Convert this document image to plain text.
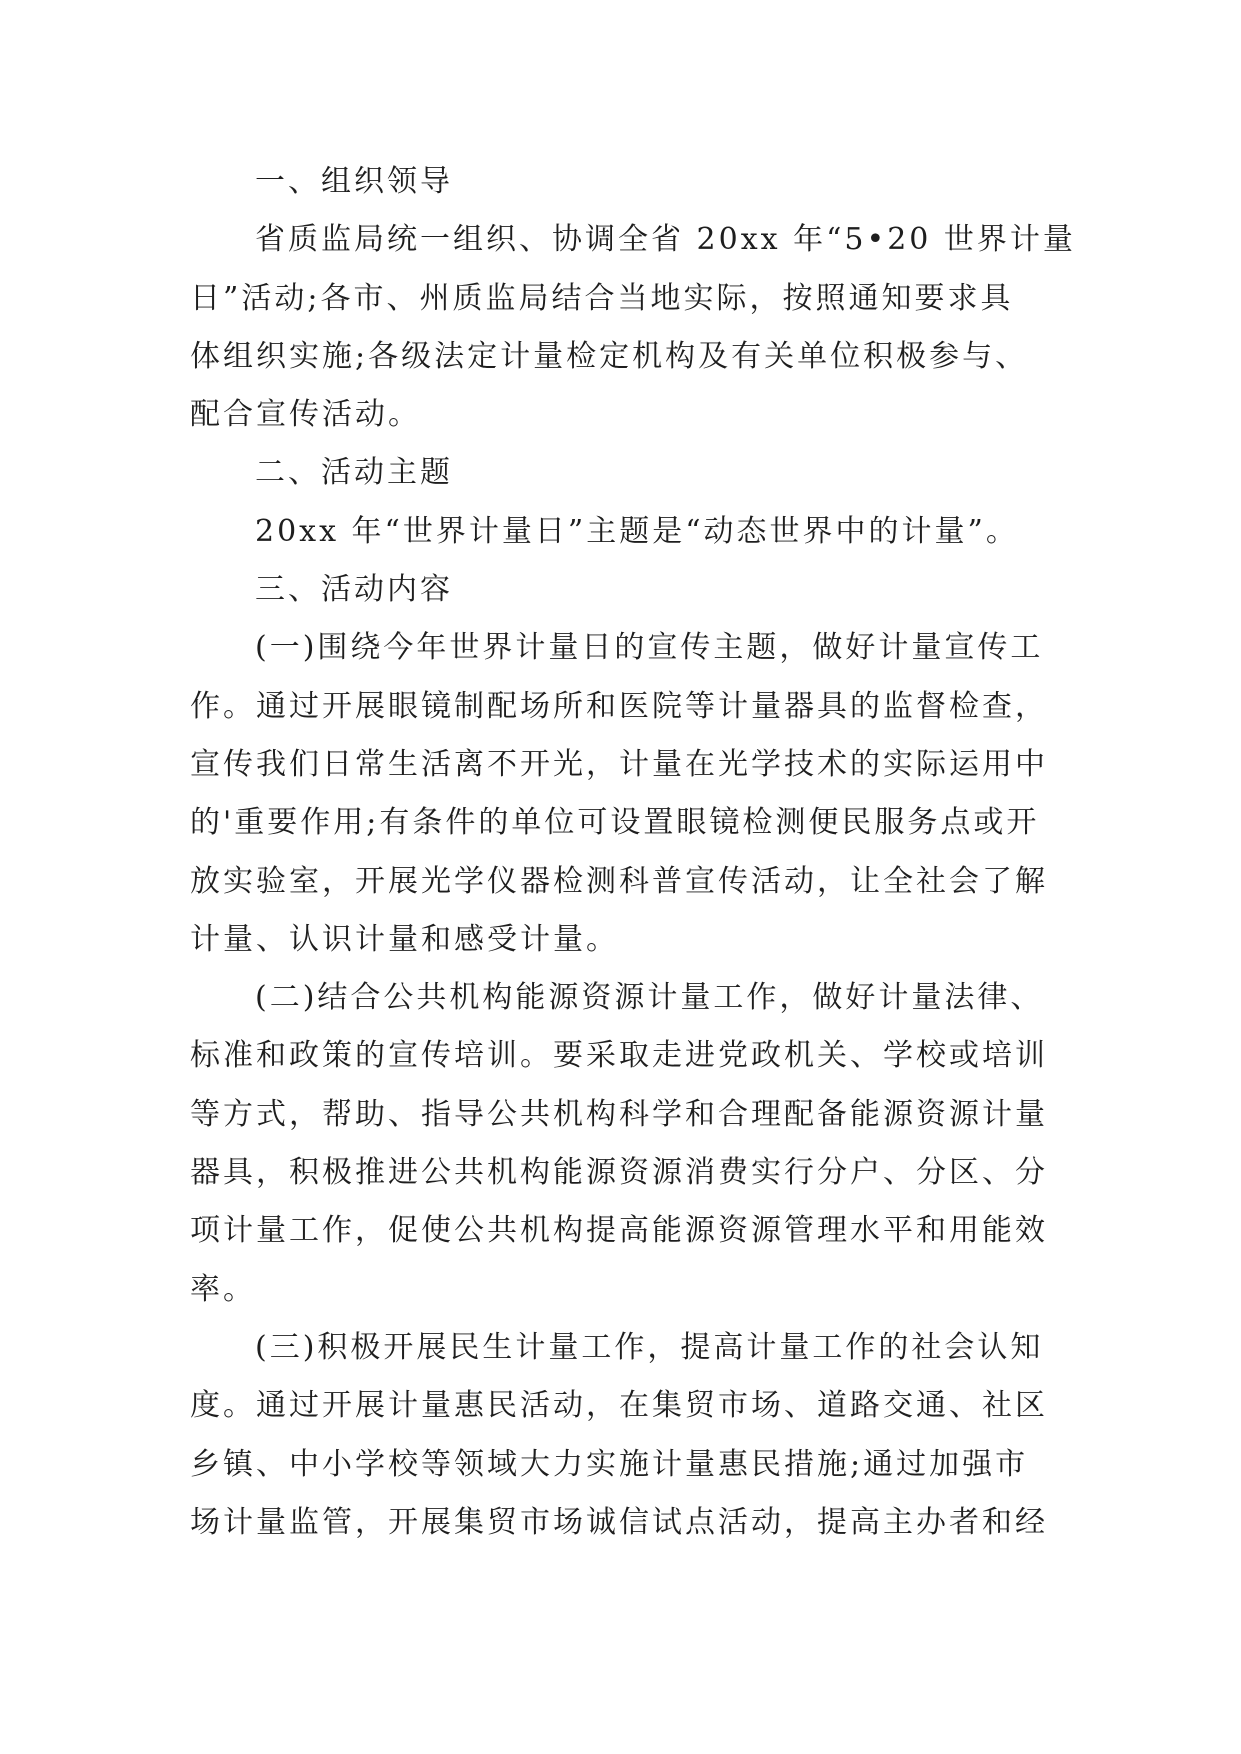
一、组织领导
省质监局统一组织、协调全省 20xx 年“5•20 世界计量
日”活动;各市、州质监局结合当地实际，按照通知要求具
体组织实施;各级法定计量检定机构及有关单位积极参与、
配合宣传活动。
二、活动主题
20xx 年“世界计量日”主题是“动态世界中的计量”。
三、活动内容
(一)围绕今年世界计量日的宣传主题，做好计量宣传工
作。通过开展眼镜制配场所和医院等计量器具的监督检查，
宣传我们日常生活离不开光，计量在光学技术的实际运用中
的'重要作用;有条件的单位可设置眼镜检测便民服务点或开
放实验室，开展光学仪器检测科普宣传活动，让全社会了解
计量、认识计量和感受计量。
(二)结合公共机构能源资源计量工作，做好计量法律、
标准和政策的宣传培训。要采取走进党政机关、学校或培训
等方式，帮助、指导公共机构科学和合理配备能源资源计量
器具，积极推进公共机构能源资源消费实行分户、分区、分
项计量工作，促使公共机构提高能源资源管理水平和用能效
率。
(三)积极开展民生计量工作，提高计量工作的社会认知
度。通过开展计量惠民活动，在集贸市场、道路交通、社区
乡镇、中小学校等领域大力实施计量惠民措施;通过加强市
场计量监管，开展集贸市场诚信试点活动，提高主办者和经
